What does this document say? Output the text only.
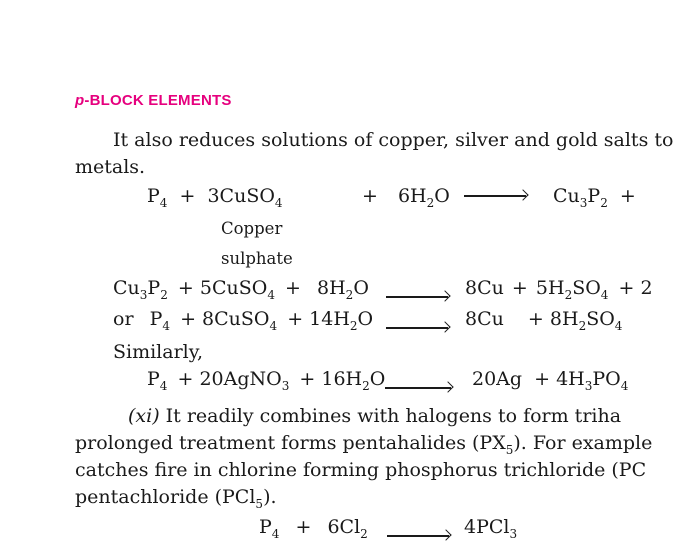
p-BLOCK ELEMENTS
It also reduces solutions of copper, silver and gold salts to
metals.
$P_4$ + 3CuSO$_4$	+ $6H_2O$	$Cu_3P_2$ +
Copper
sulphate
$Cu_3P_2$ + 5CuSO$_4$ + $8H_2O$	$8Cu + 5H_2SO_4 + 2$
or $P_4$ + 8CuSO$_4$ + $14H_2O$	$8Cu + 8H_2SO_4$
Similarly,
$P_4$ + 20AgNO$_3$ + $16H_2O$	$20Ag + 4H_3PO_4$
(xi) It readily combines with halogens to form triha
prolonged treatment forms pentahalides $(PX_5)$. For example
catches fire in chlorine forming phosphorus trichloride (PC
pentachloride (PCl$_5$).
$P_4 + 6Cl_2$	4PCl$_3$
